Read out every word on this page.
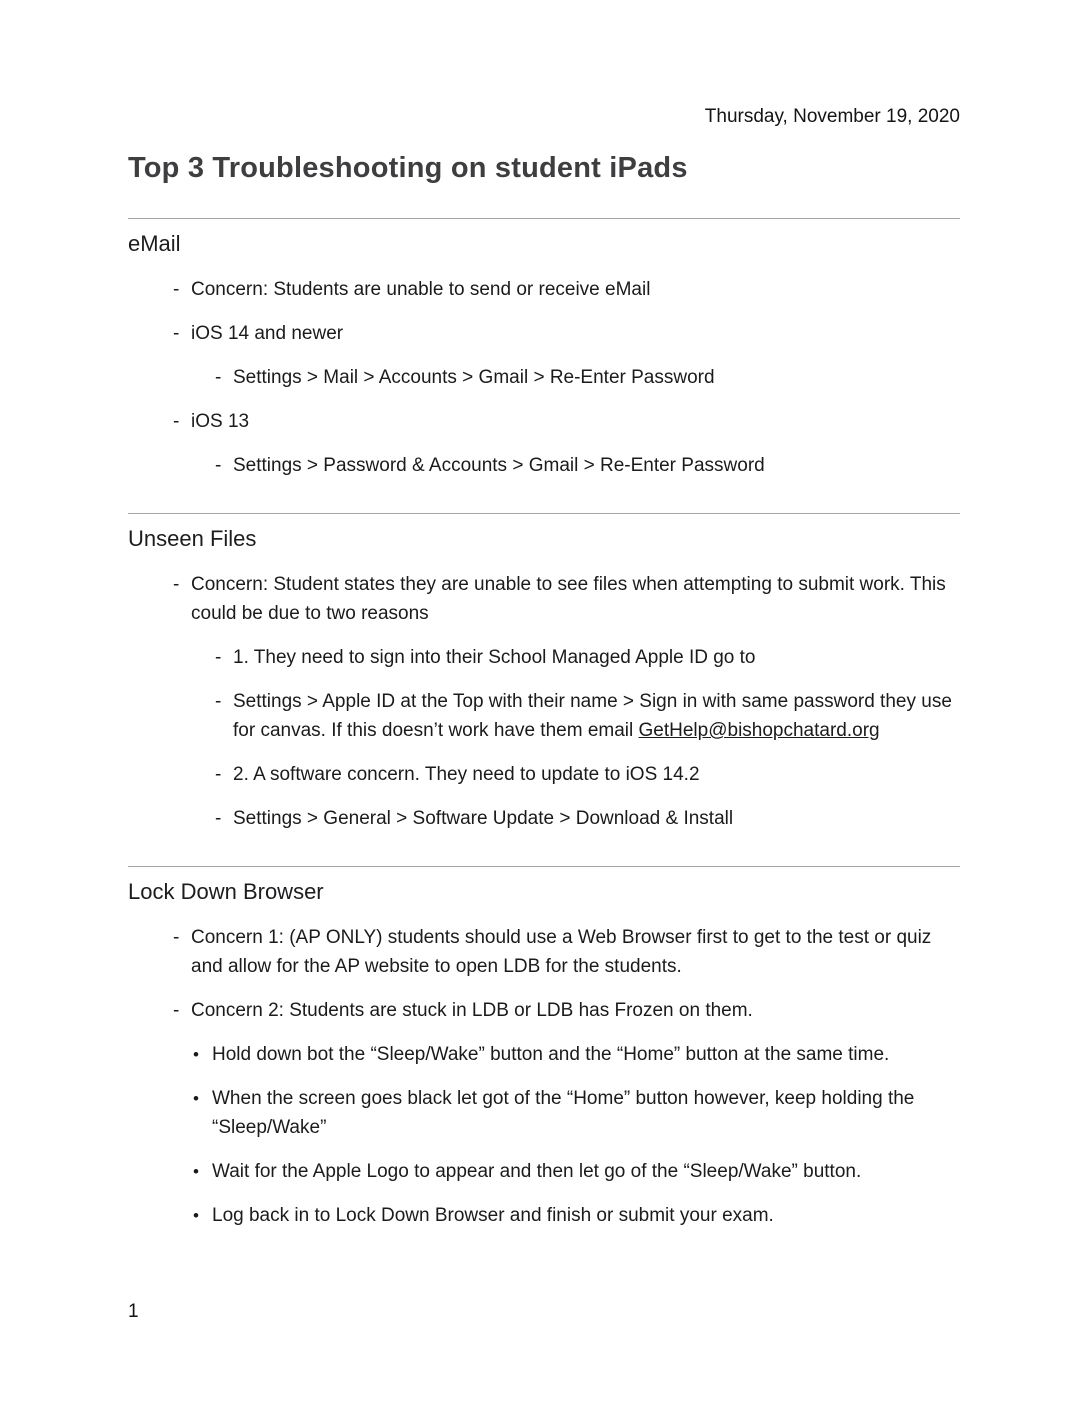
Thursday, November 19, 2020
Top 3 Troubleshooting on student iPads
eMail
- Concern: Students are unable to send or receive eMail
- iOS 14 and newer
- Settings > Mail > Accounts > Gmail > Re-Enter Password
- iOS 13
- Settings > Password & Accounts > Gmail > Re-Enter Password
Unseen Files
- Concern: Student states they are unable to see files when attempting to submit work. This could be due to two reasons
- 1. They need to sign into their School Managed Apple ID go to
- Settings > Apple ID at the Top with their name > Sign in with same password they use for canvas. If this doesn’t work have them email GetHelp@bishopchatard.org
- 2. A software concern. They need to update to iOS 14.2
- Settings > General > Software Update > Download & Install
Lock Down Browser
- Concern 1: (AP ONLY) students should use a Web Browser first to get to the test or quiz and allow for the AP website to open LDB for the students.
- Concern 2: Students are stuck in LDB or LDB has Frozen on them.
• Hold down bot the “Sleep/Wake” button and the “Home” button at the same time.
• When the screen goes black let got of the “Home” button however, keep holding the “Sleep/Wake”
• Wait for the Apple Logo to appear and then let go of the “Sleep/Wake” button.
• Log back in to Lock Down Browser and finish or submit your exam.
1
